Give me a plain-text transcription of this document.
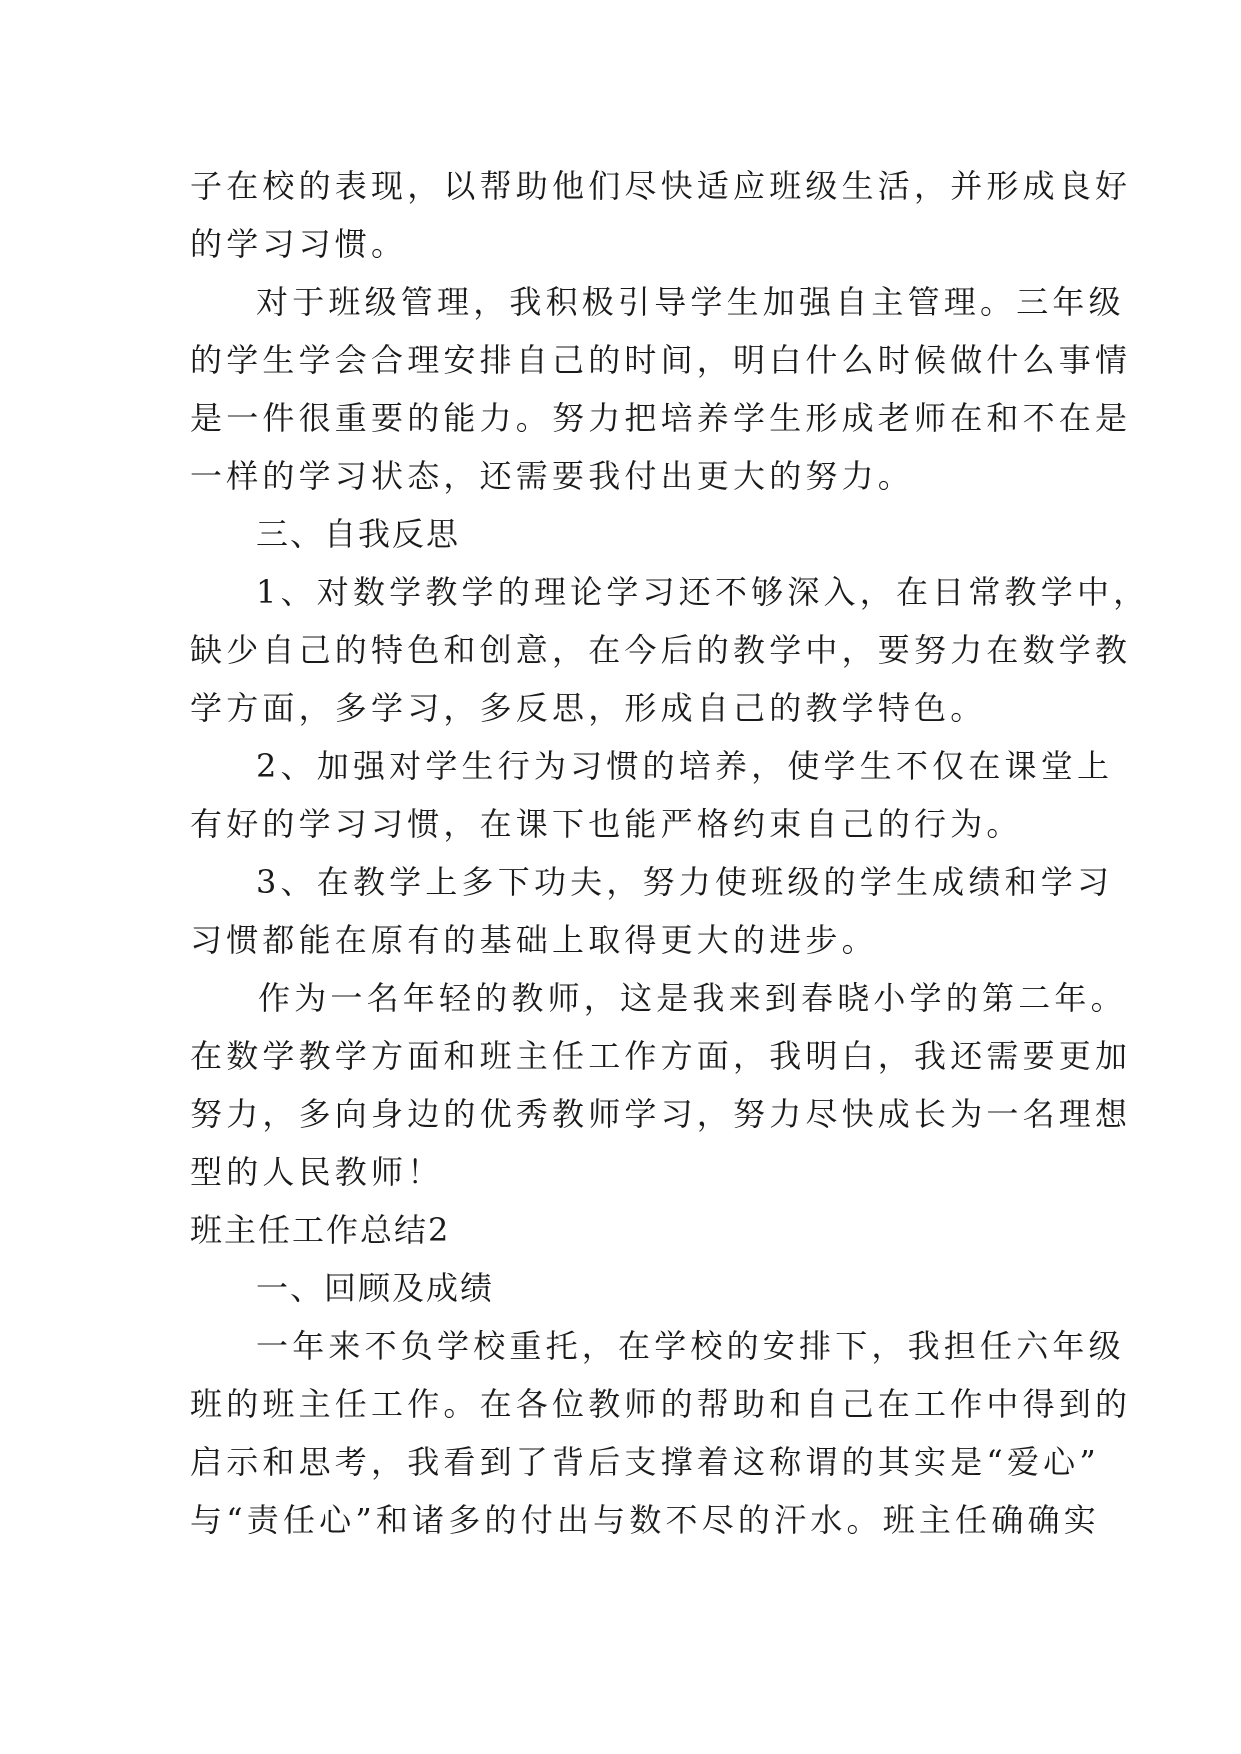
子在校的表现，以帮助他们尽快适应班级生活，并形成良好
的学习习惯。
对于班级管理，我积极引导学生加强自主管理。三年级
的学生学会合理安排自己的时间，明白什么时候做什么事情
是一件很重要的能力。努力把培养学生形成老师在和不在是
一样的学习状态，还需要我付出更大的努力。
三、自我反思
1、对数学教学的理论学习还不够深入，在日常教学中，
缺少自己的特色和创意，在今后的教学中，要努力在数学教
学方面，多学习，多反思，形成自己的教学特色。
2、加强对学生行为习惯的培养，使学生不仅在课堂上
有好的学习习惯，在课下也能严格约束自己的行为。
3、在教学上多下功夫，努力使班级的学生成绩和学习
习惯都能在原有的基础上取得更大的进步。
作为一名年轻的教师，这是我来到春晓小学的第二年。
在数学教学方面和班主任工作方面，我明白，我还需要更加
努力，多向身边的优秀教师学习，努力尽快成长为一名理想
型的人民教师！
班主任工作总结2
一、回顾及成绩
一年来不负学校重托，在学校的安排下，我担任六年级
班的班主任工作。在各位教师的帮助和自己在工作中得到的
启示和思考，我看到了背后支撑着这称谓的其实是“爱心”
与“责任心”和诸多的付出与数不尽的汗水。班主任确确实
